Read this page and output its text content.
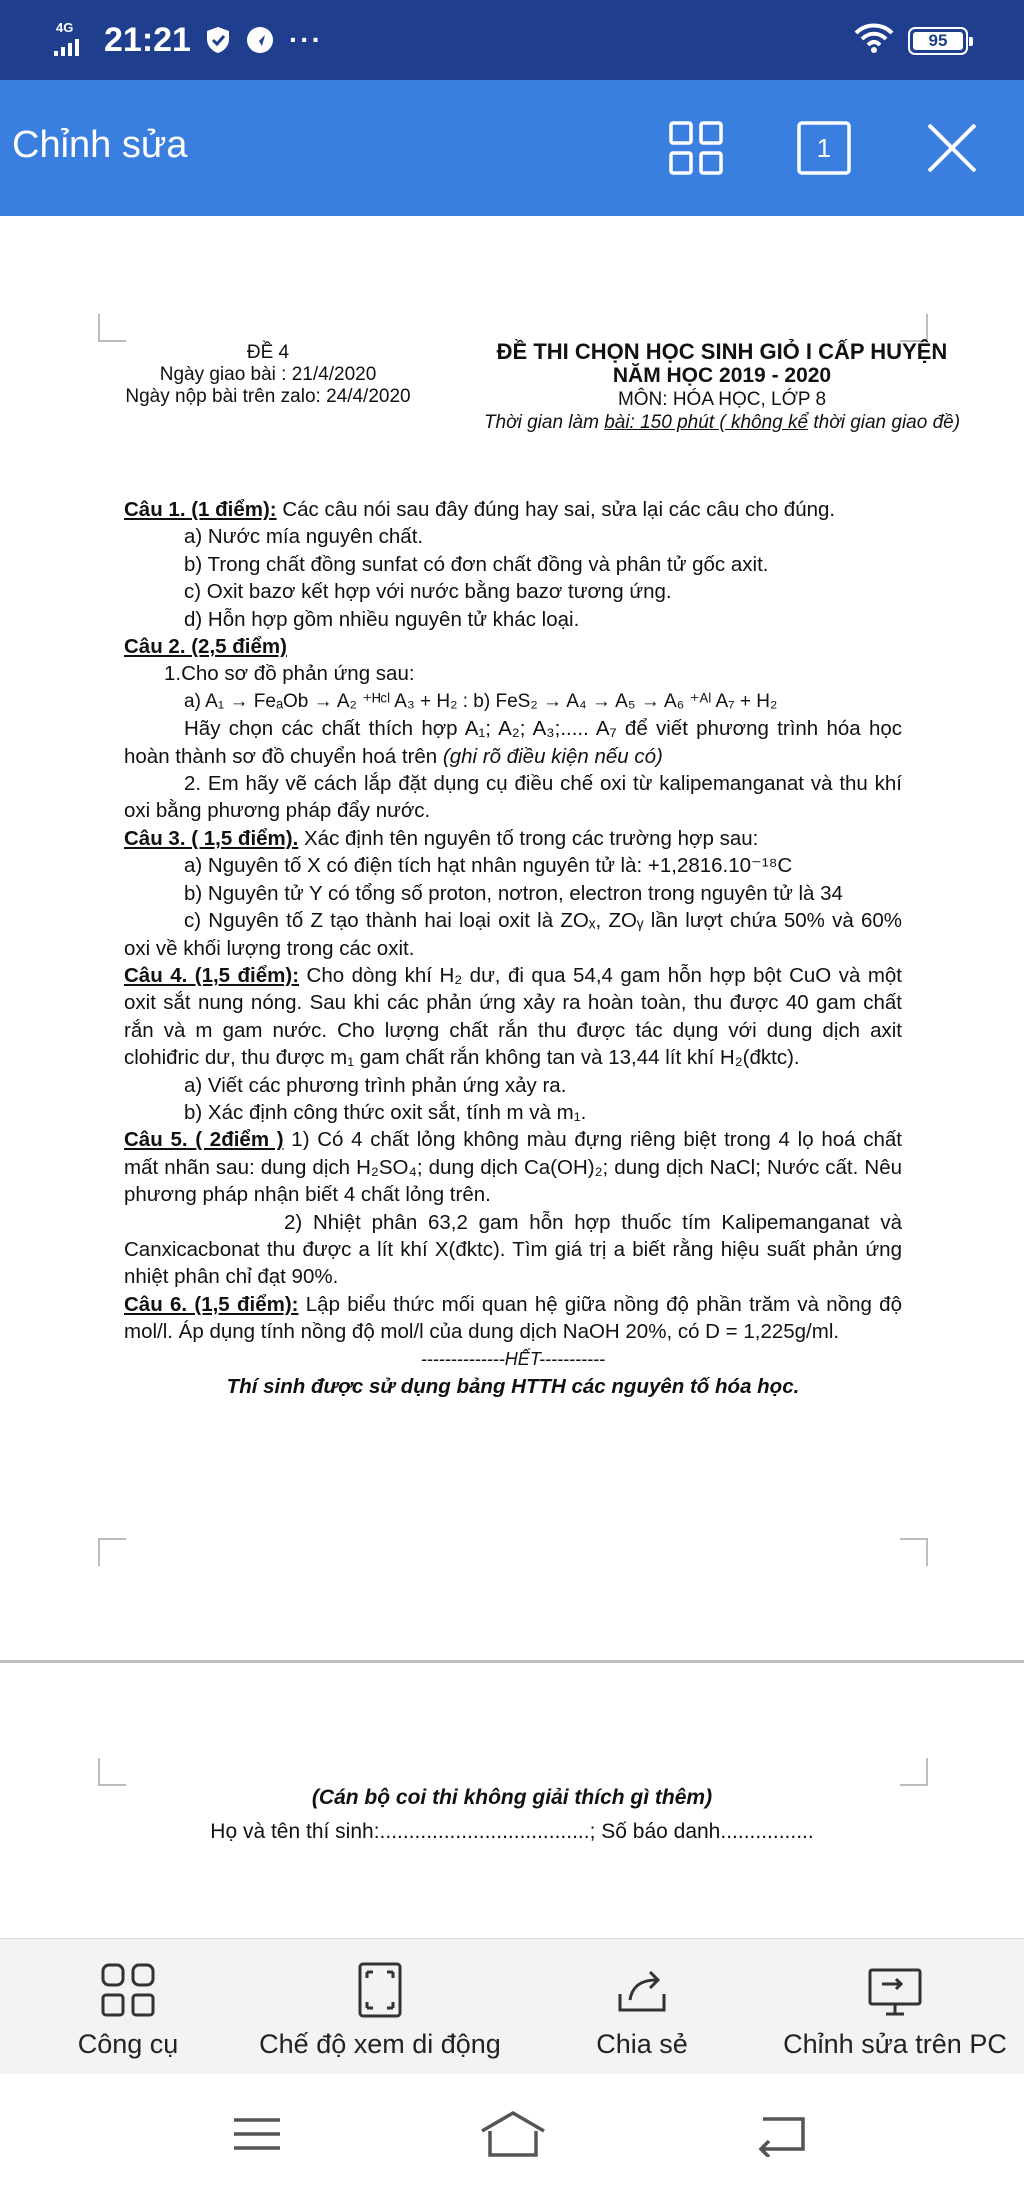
4G 21:21	···	95
Chỉnh sửa	1
ĐỀ 4
Ngày giao bài : 21/4/2020
Ngày nộp bài trên zalo: 24/4/2020
ĐỀ THI CHỌN HỌC SINH GIỎ I CẤP HUYỆN
NĂM HỌC 2019 - 2020
MÔN: HÓA HỌC, LỚP 8
Thời gian làm bài: 150 phút ( không kể thời gian giao đề)

Câu 1. (1 điểm): Các câu nói sau đây đúng hay sai, sửa lại các câu cho đúng.

a) Nước mía nguyên chất.

b) Trong chất đồng sunfat có đơn chất đồng và phân tử gốc axit.

c) Oxit bazơ kết hợp với nước bằng bazơ tương ứng.

d) Hỗn hợp gồm nhiều nguyên tử khác loại.

Câu 2. (2,5 điểm)

1.Cho sơ đồ phản ứng sau:

a) A₁ → FeₐOb → A₂ ⁺ᴴᶜˡ A₃ + H₂ : b) FeS₂ → A₄ → A₅ → A₆ ⁺ᴬˡ A₇ + H₂

Hãy chọn các chất thích hợp A₁; A₂; A₃;..... A₇ để viết phương trình hóa học hoàn thành sơ đồ chuyển hoá trên (ghi rõ điều kiện nếu có)

2. Em hãy vẽ cách lắp đặt dụng cụ điều chế oxi từ kalipemanganat và thu khí oxi bằng phương pháp đẩy nước.

Câu 3. ( 1,5 điểm). Xác định tên nguyên tố trong các trường hợp sau:

a) Nguyên tố X có điện tích hạt nhân nguyên tử là: +1,2816.10⁻¹⁸C

b) Nguyên tử Y có tổng số proton, nơtron, electron trong nguyên tử là 34

c) Nguyên tố Z tạo thành hai loại oxit là ZOₓ, ZOᵧ lần lượt chứa 50% và 60% oxi về khối lượng trong các oxit.

Câu 4. (1,5 điểm): Cho dòng khí H₂ dư, đi qua 54,4 gam hỗn hợp bột CuO và một oxit sắt nung nóng. Sau khi các phản ứng xảy ra hoàn toàn, thu được 40 gam chất rắn và m gam nước. Cho lượng chất rắn thu được tác dụng với dung dịch axit clohiđric dư, thu được m₁ gam chất rắn không tan và 13,44 lít khí H₂(đktc).

a) Viết các phương trình phản ứng xảy ra.

b) Xác định công thức oxit sắt, tính m và m₁.

Câu 5. ( 2điểm ) 1) Có 4 chất lỏng không màu đựng riêng biệt trong 4 lọ hoá chất mất nhãn sau: dung dịch H₂SO₄; dung dịch Ca(OH)₂; dung dịch NaCl; Nước cất. Nêu phương pháp nhận biết 4 chất lỏng trên.

2) Nhiệt phân 63,2 gam hỗn hợp thuốc tím Kalipemanganat và Canxicacbonat thu được a lít khí X(đktc). Tìm giá trị a biết rằng hiệu suất phản ứng nhiệt phân chỉ đạt 90%.

Câu 6. (1,5 điểm): Lập biểu thức mối quan hệ giữa nồng độ phần trăm và nồng độ mol/l. Áp dụng tính nồng độ mol/l của dung dịch NaOH 20%, có D = 1,225g/ml.

--------------HẾT-----------

Thí sinh được sử dụng bảng HTTH các nguyên tố hóa học.

(Cán bộ coi thi không giải thích gì thêm)
Họ và tên thí sinh:....................................; Số báo danh................
Công cụ	Chế độ xem di động	Chia sẻ	Chỉnh sửa trên PC
